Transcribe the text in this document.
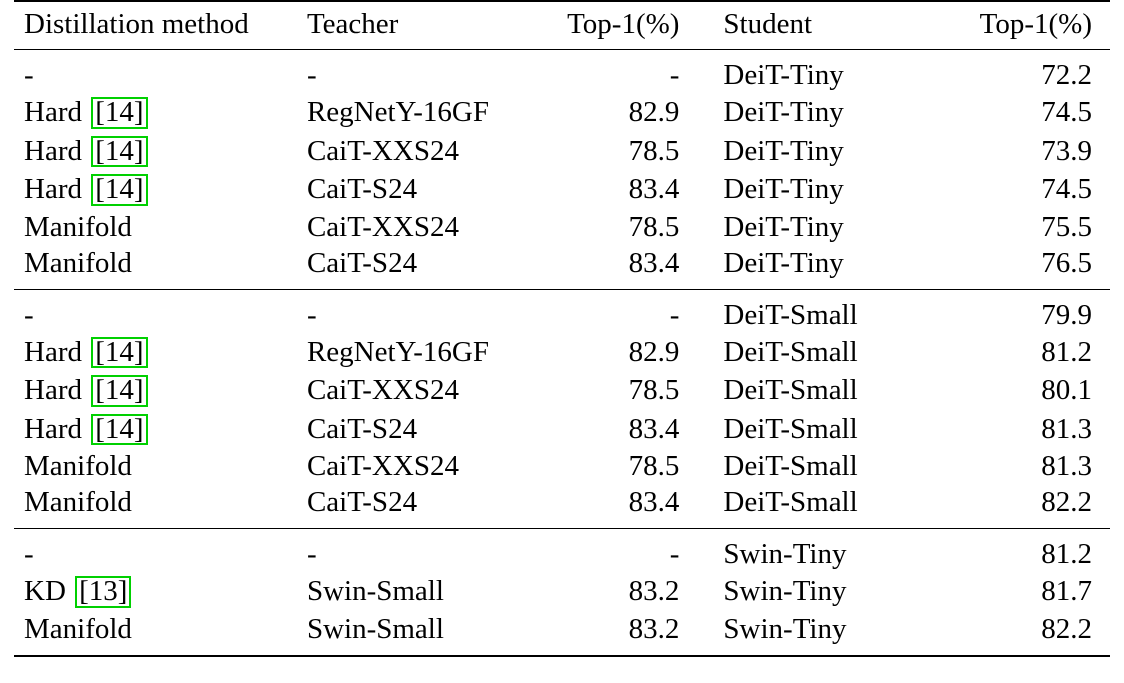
Distillation method	Teacher	Top-1(%)	Student	Top-1(%)
-	-	-	DeiT-Tiny	72.2
Hard [14]	RegNetY-16GF	82.9	DeiT-Tiny	74.5
Hard [14]	CaiT-XXS24	78.5	DeiT-Tiny	73.9
Hard [14]	CaiT-S24	83.4	DeiT-Tiny	74.5
Manifold	CaiT-XXS24	78.5	DeiT-Tiny	75.5
Manifold	CaiT-S24	83.4	DeiT-Tiny	76.5
-	-	-	DeiT-Small	79.9
Hard [14]	RegNetY-16GF	82.9	DeiT-Small	81.2
Hard [14]	CaiT-XXS24	78.5	DeiT-Small	80.1
Hard [14]	CaiT-S24	83.4	DeiT-Small	81.3
Manifold	CaiT-XXS24	78.5	DeiT-Small	81.3
Manifold	CaiT-S24	83.4	DeiT-Small	82.2
-	-	-	Swin-Tiny	81.2
KD [13]	Swin-Small	83.2	Swin-Tiny	81.7
Manifold	Swin-Small	83.2	Swin-Tiny	82.2
